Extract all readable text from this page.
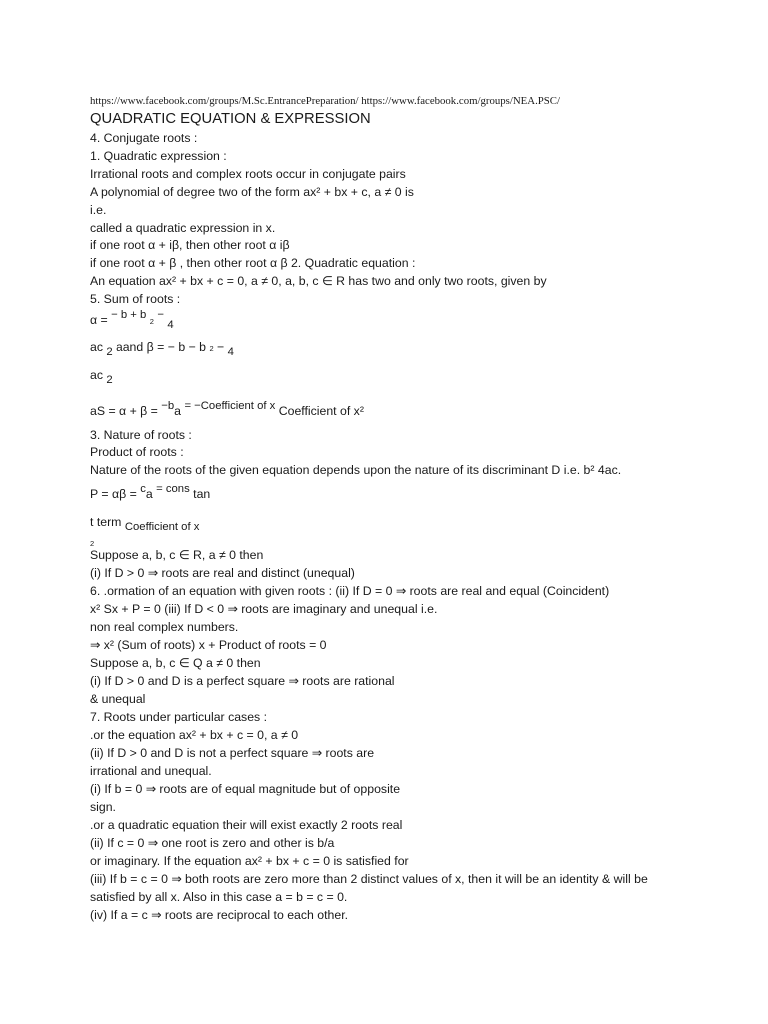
https://www.facebook.com/groups/M.Sc.EntrancePreparation/ https://www.facebook.com/groups/NEA.PSC/
QUADRATIC EQUATION & EXPRESSION
4. Conjugate roots :
1. Quadratic expression :
Irrational roots and complex roots occur in conjugate pairs
A polynomial of degree two of the form ax² + bx + c, a ≠ 0 is
i.e.
called a quadratic expression in x.
if one root α + iβ, then other root α iβ
if one root α + β , then other root α β 2. Quadratic equation :
An equation ax² + bx + c = 0, a ≠ 0, a, b, c ∈ R has two and only two roots, given by
5. Sum of roots :
α = − b + b 2 − 4
ac 2 aand β = − b − b 2 − 4
ac 2
aS = α + β = −ba = −Coefficient of x Coefficient of x²
3. Nature of roots :
Product of roots :
Nature of the roots of the given equation depends upon the nature of its discriminant D i.e. b² 4ac.
P = αβ = ca = cons tan
t term Coefficient of x
2
Suppose a, b, c ∈ R, a ≠ 0 then
(i) If D > 0 ⇒ roots are real and distinct (unequal)
6. .ormation of an equation with given roots : (ii) If D = 0 ⇒ roots are real and equal (Coincident)
x² Sx + P = 0 (iii) If D < 0 ⇒ roots are imaginary and unequal i.e.
non real complex numbers.
⇒ x² (Sum of roots) x + Product of roots = 0
Suppose a, b, c ∈ Q a ≠ 0 then
(i) If D > 0 and D is a perfect square ⇒ roots are rational
& unequal
7. Roots under particular cases :
.or the equation ax² + bx + c = 0, a ≠ 0
(ii) If D > 0 and D is not a perfect square ⇒ roots are
irrational and unequal.
(i) If b = 0 ⇒ roots are of equal magnitude but of opposite
sign.
.or a quadratic equation their will exist exactly 2 roots real
(ii) If c = 0 ⇒ one root is zero and other is b/a
or imaginary. If the equation ax² + bx + c = 0 is satisfied for
(iii) If b = c = 0 ⇒ both roots are zero more than 2 distinct values of x, then it will be an identity & will be
satisfied by all x. Also in this case a = b = c = 0.
(iv) If a = c ⇒ roots are reciprocal to each other.
